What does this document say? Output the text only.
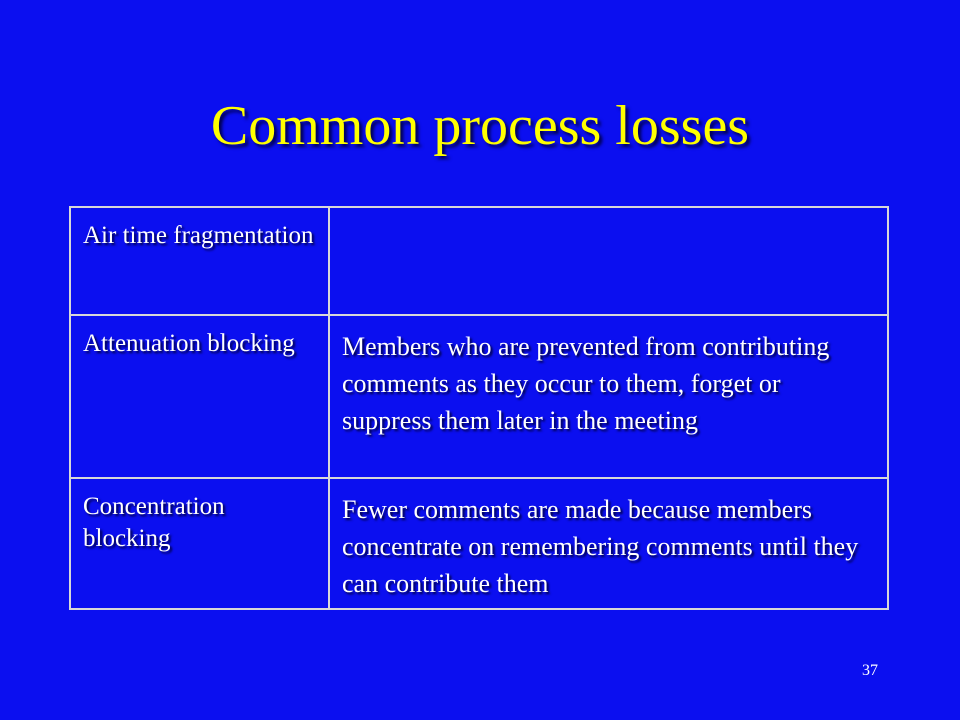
Common process losses
Air time fragmentation	
Attenuation blocking	Members who are prevented from contributing comments as they occur to them, forget or suppress them later in the meeting
Concentration blocking	Fewer comments are made because members concentrate on remembering comments until they can contribute them
37
